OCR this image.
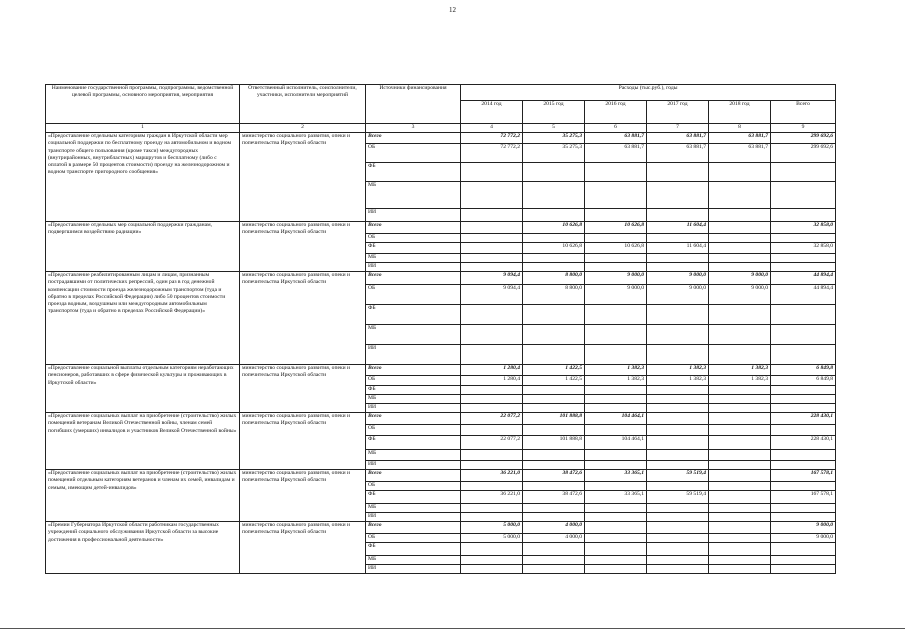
12
Наименование государственной программы, подпрограммы, ведомственной целевой программы, основного мероприятия, мероприятия	Ответственный исполнитель, соисполнители, участники, исполнители мероприятий	Источники финансирования	Расходы (тыс.руб.), годы					
			2014 год	2015 год	2016 год	2017 год	2018 год	Всего
1	2	3	4	5	6	7	8	9
«Предоставление отдельным категориям граждан в Иркутской области мер социальной поддержки по бесплатному проезду на автомобильном и водном транспорте общего пользования (кроме такси) междугородных (внутрирайонных, внутрибластных) маршрутов и бесплатному (либо с оплатой в размере 50 процентов стоимости) проезду на железнодорожном и водном транспорте пригородного сообщения»	министерство социального развития, опеки и попечительства Иркутской области	Всего	72 772,2	35 275,3	63 881,7	63 881,7	63 881,7	299 692,6
		ОБ	72 772,2	35 275,3	63 881,7	63 881,7	63 881,7	299 692,6
		ФБ						
		МБ						
		ИИ						
«Предоставление отдельных мер социальной поддержки гражданам, подвергшимся воздействию радиации»	министерство социального развития, опеки и попечительства Иркутской области	Всего		10 626,8	10 626,8	11 604,4		32 858,0
		ОБ						
		ФБ		10 626,8	10 626,8	11 604,4		32 858,0
		МБ						
		ИИ						
«Предоставление реабилитированным лицам и лицам, признанным пострадавшими от политических репрессий, один раз в год денежной компенсации стоимости проезда железнодорожным транспортом (туда и обратно в пределах Российской Федерации) либо 50 процентов стоимости проезда водным, воздушным или междугородным автомобильным транспортом (туда и обратно в пределах Российской Федерации)»	министерство социального развития, опеки и попечительства Иркутской области	Всего	9 094,4	8 800,0	9 000,0	9 000,0	9 000,0	44 894,4
		ОБ	9 094,4	8 800,0	9 000,0	9 000,0	9 000,0	44 894,4
		ФБ						
		МБ						
		ИИ						
«Предоставление социальной выплаты отдельным категориям неработающих пенсионеров, работавших в сфере физической культуры и проживающих в Иркутской области»	министерство социального развития, опеки и попечительства Иркутской области	Всего	1 280,4	1 422,5	1 382,3	1 382,3	1 382,3	6 849,8
		ОБ	1 280,4	1 422,5	1 382,3	1 382,3	1 382,3	6 849,8
		ФБ						
		МБ						
		ИИ						
«Предоставление социальных выплат на приобретение (строительство) жилых помещений ветеранам Великой Отечественной войны, членам семей погибших (умерших) инвалидов и участников Великой Отечественной войны»	министерство социального развития, опеки и попечительства Иркутской области	Всего	22 077,2	101 888,8	104 464,1			228 430,1
		ОБ						
		ФБ	22 077,2	101 888,8	104 464,1			228 430,1
		МБ						
		ИИ						
«Предоставление социальных выплат на приобретение (строительство) жилых помещений отдельным категориям ветеранов и членам их семей, инвалидам и семьям, имеющим детей-инвалидов»	министерство социального развития, опеки и попечительства Иркутской области	Всего	36 221,0	38 472,6	33 365,1	59 519,4		167 578,1
		ОБ						
		ФБ	36 221,0	38 472,6	33 365,1	59 519,4		167 578,1
		МБ						
		ИИ						
«Премии Губернатора Иркутской области работникам государственных учреждений социального обслуживания Иркутской области за высокие достижения в профессиональной деятельности»	министерство социального развития, опеки и попечительства Иркутской области	Всего	5 000,0	4 000,0				9 000,0
		ОБ	5 000,0	4 000,0				9 000,0
		ФБ						
		МБ						
		ИИ						
